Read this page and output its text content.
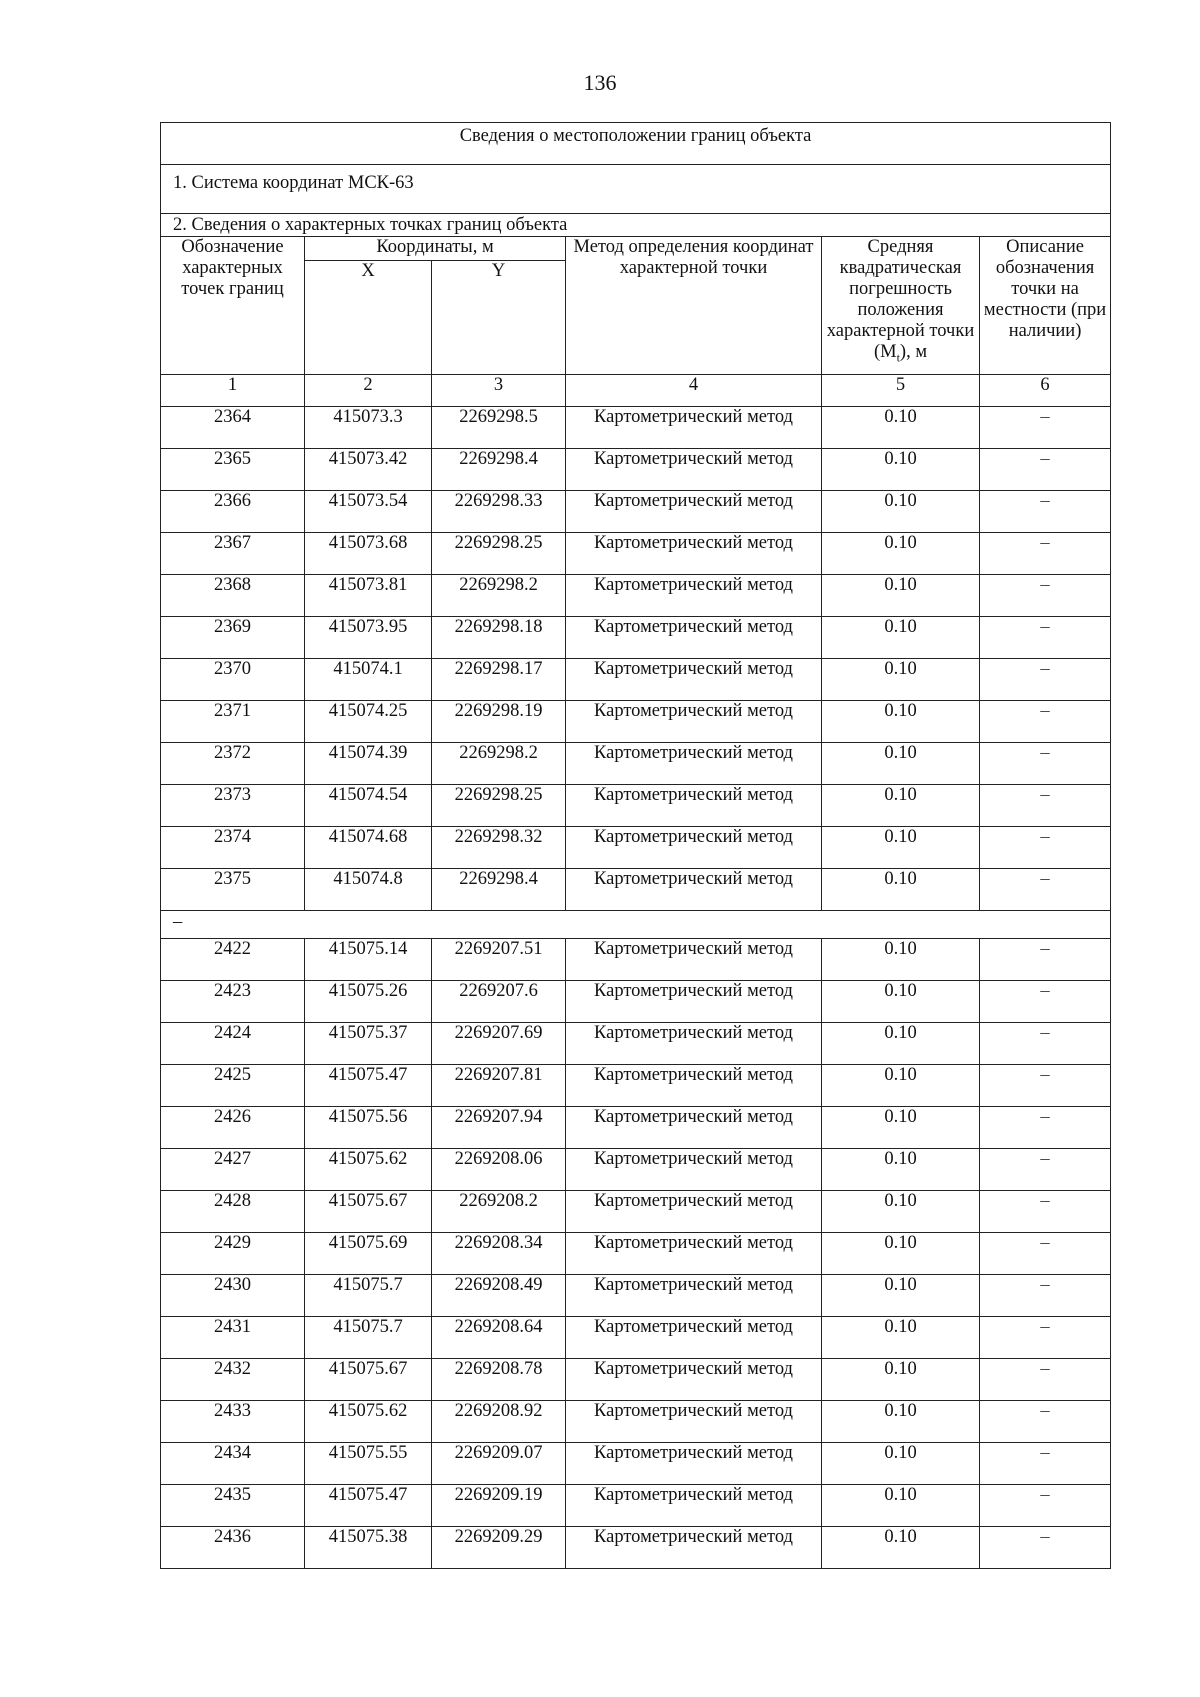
136
Сведения о местоположении границ объекта					
1. Система координат МСК-63					
2. Сведения о характерных точках границ объекта					
Обозначение характерных точек границ	Координаты, м		Метод определения координат характерной точки	Средняя квадратическая погрешность положения характерной точки $(M_t)$, м	Описание обозначения точки на местности (при наличии)
	X	Y			
1	2	3	4	5	6

2364	415073.3	2269298.5	Картометрический метод	0.10	–

2365	415073.42	2269298.4	Картометрический метод	0.10	–

2366	415073.54	2269298.33	Картометрический метод	0.10	–

2367	415073.68	2269298.25	Картометрический метод	0.10	–

2368	415073.81	2269298.2	Картометрический метод	0.10	–

2369	415073.95	2269298.18	Картометрический метод	0.10	–

2370	415074.1	2269298.17	Картометрический метод	0.10	–

2371	415074.25	2269298.19	Картометрический метод	0.10	–

2372	415074.39	2269298.2	Картометрический метод	0.10	–

2373	415074.54	2269298.25	Картометрический метод	0.10	–

2374	415074.68	2269298.32	Картометрический метод	0.10	–

2375	415074.8	2269298.4	Картометрический метод	0.10	–

–					

2422	415075.14	2269207.51	Картометрический метод	0.10	–

2423	415075.26	2269207.6	Картометрический метод	0.10	–

2424	415075.37	2269207.69	Картометрический метод	0.10	–

2425	415075.47	2269207.81	Картометрический метод	0.10	–

2426	415075.56	2269207.94	Картометрический метод	0.10	–

2427	415075.62	2269208.06	Картометрический метод	0.10	–

2428	415075.67	2269208.2	Картометрический метод	0.10	–

2429	415075.69	2269208.34	Картометрический метод	0.10	–

2430	415075.7	2269208.49	Картометрический метод	0.10	–

2431	415075.7	2269208.64	Картометрический метод	0.10	–

2432	415075.67	2269208.78	Картометрический метод	0.10	–

2433	415075.62	2269208.92	Картометрический метод	0.10	–

2434	415075.55	2269209.07	Картометрический метод	0.10	–

2435	415075.47	2269209.19	Картометрический метод	0.10	–

2436	415075.38	2269209.29	Картометрический метод	0.10	–
